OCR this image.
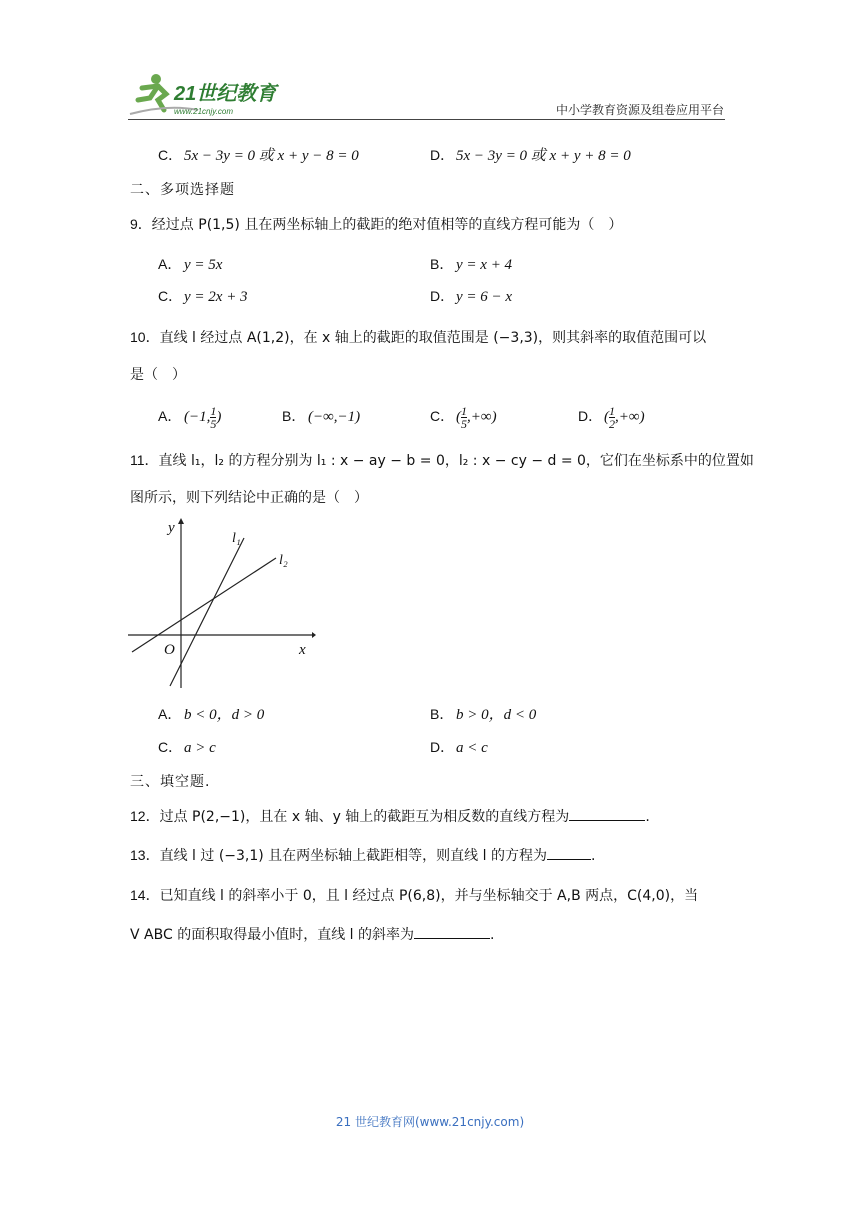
21世纪教育
www.21cnjy.com	中小学教育资源及组卷应用平台
C． 5x − 3y = 0 或 x + y − 8 = 0	D． 5x − 3y = 0 或 x + y + 8 = 0
二、多项选择题
9．经过点 P(1,5) 且在两坐标轴上的截距的绝对值相等的直线方程可能为（　）
A． y = 5x	B． y = x + 4
C． y = 2x + 3	D． y = 6 − x
10．直线 l 经过点 A(1,2)，在 x 轴上的截距的取值范围是 (−3,3)，则其斜率的取值范围可以
是（　）
A． (−1, $\frac{1}{5}$ )	B． (−∞,−1)	C． ( $\frac{1}{5}$ ,+∞)	D． ( $\frac{1}{2}$ ,+∞)
11．直线 l₁，l₂ 的方程分别为 l₁ : x − ay − b = 0，l₂ : x − cy − d = 0，它们在坐标系中的位置如
图所示，则下列结论中正确的是（　）
y
x
O
l₁
l₂
A． b < 0，d > 0	B． b > 0，d < 0
C． a > c	D． a < c
三、填空题.
12．过点 P(2,−1)，且在 x 轴、y 轴上的截距互为相反数的直线方程为	.
13．直线 l 过 (−3,1) 且在两坐标轴上截距相等，则直线 l 的方程为	.
14．已知直线 l 的斜率小于 0，且 l 经过点 P(6,8)，并与坐标轴交于 A,B 两点，C(4,0)，当
V ABC 的面积取得最小值时，直线 l 的斜率为	.
21 世纪教育网(www.21cnjy.com)
